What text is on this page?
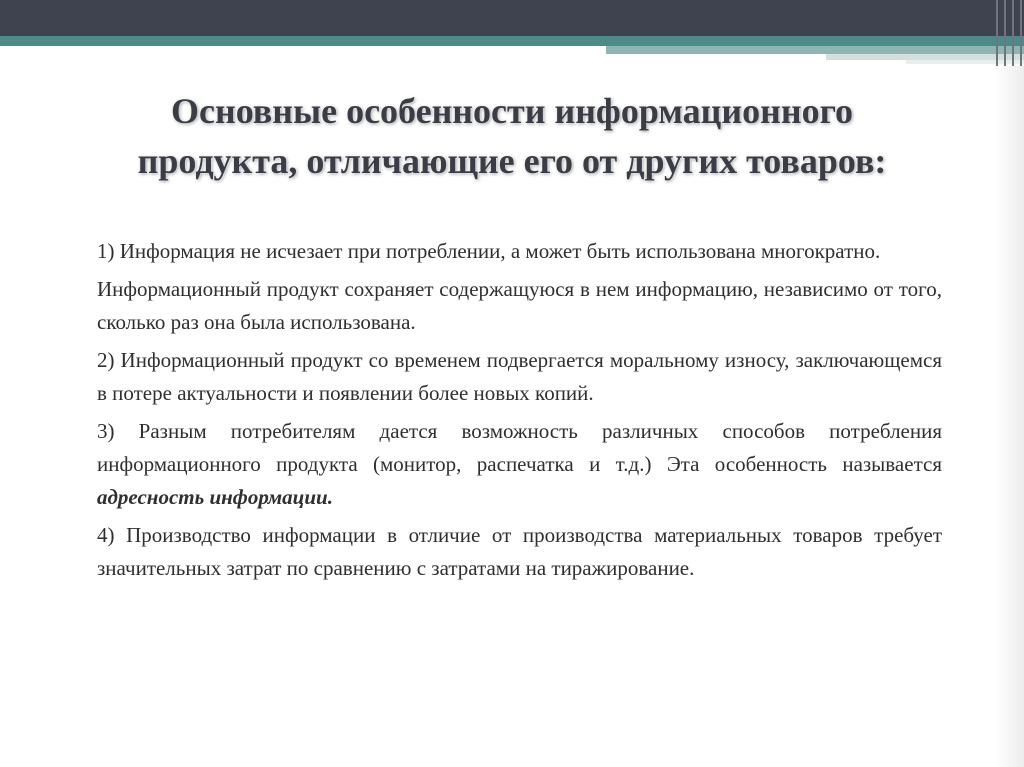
Основные особенности информационного продукта, отличающие его от других товаров:

1) Информация не исчезает при потреблении, а может быть использована многократно.

Информационный продукт сохраняет содержащуюся в нем информацию, независимо от того, сколько раз она была использована.

2) Информационный продукт со временем подвергается моральному износу, заключающемся в потере актуальности и появлении более новых копий.

3) Разным потребителям дается возможность различных способов потребления информационного продукта (монитор, распечатка и т.д.) Эта особенность называется адресность информации.

4) Производство информации в отличие от производства материальных товаров требует значительных затрат по сравнению с затратами на тиражирование.
